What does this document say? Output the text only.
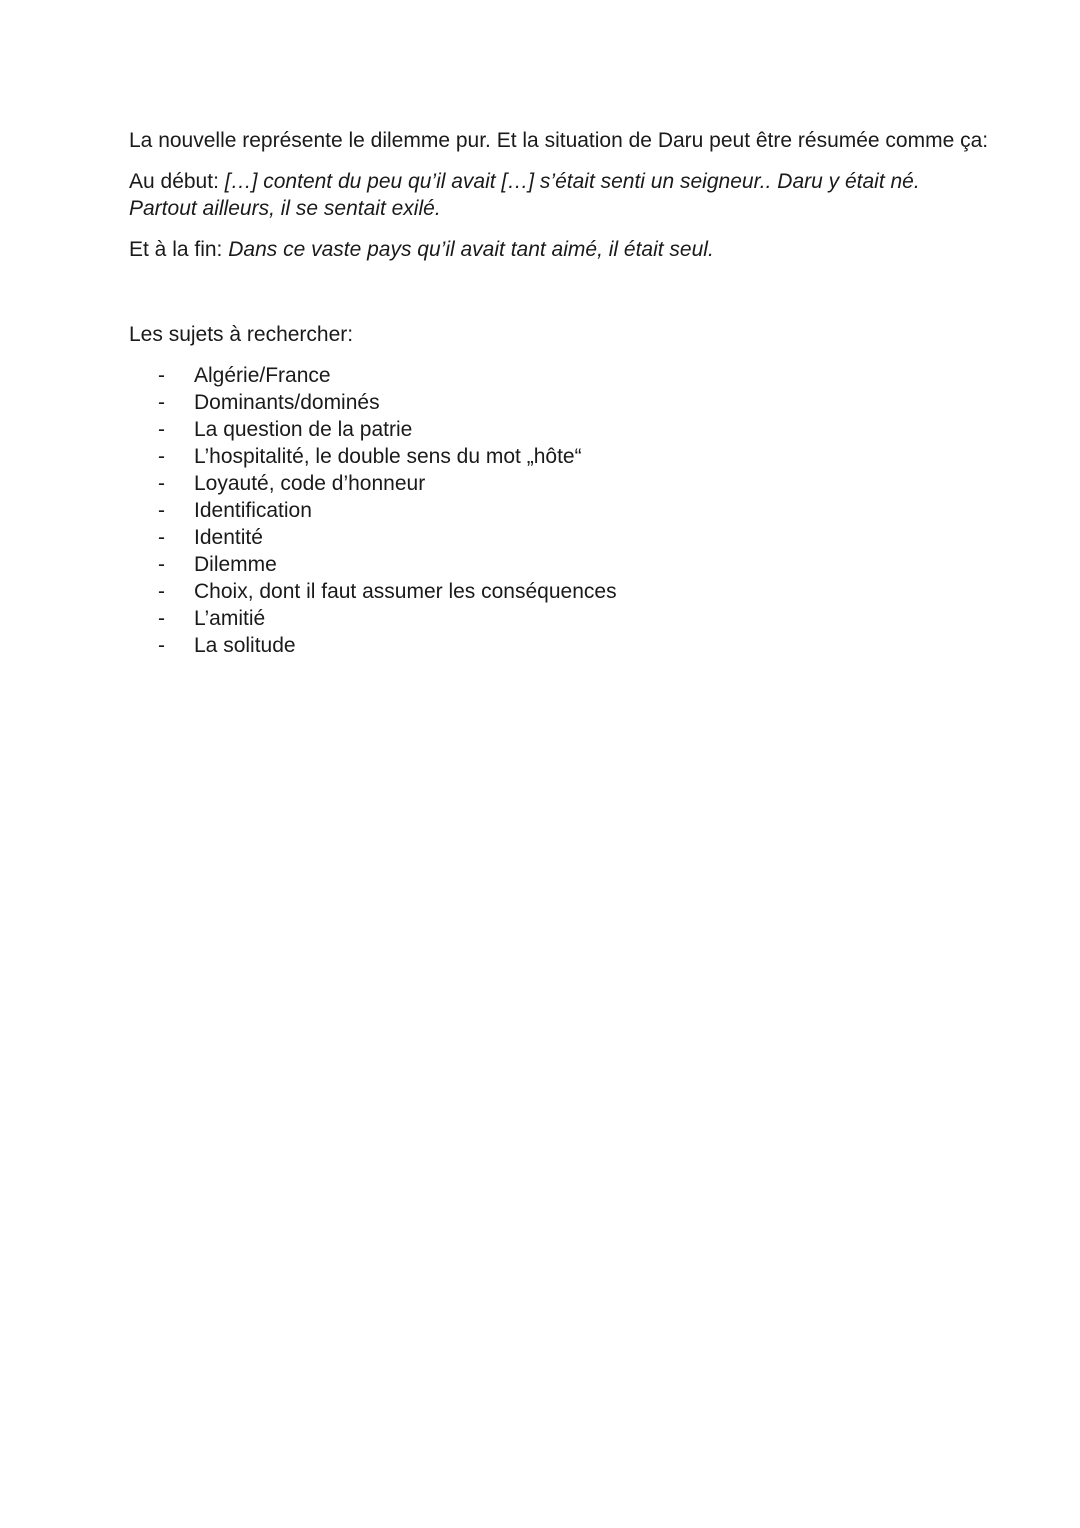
La nouvelle représente le dilemme pur. Et la situation de Daru peut être résumée comme ça:

Au début: […] content du peu qu’il avait […] s’était senti un seigneur.. Daru y était né. Partout ailleurs, il se sentait exilé.

Et à la fin: Dans ce vaste pays qu’il avait tant aimé, il était seul.

Les sujets à rechercher:

- Algérie/France
- Dominants/dominés
- La question de la patrie
- L’hospitalité, le double sens du mot „hôte“
- Loyauté, code d’honneur
- Identification
- Identité
- Dilemme
- Choix, dont il faut assumer les conséquences
- L’amitié
- La solitude
